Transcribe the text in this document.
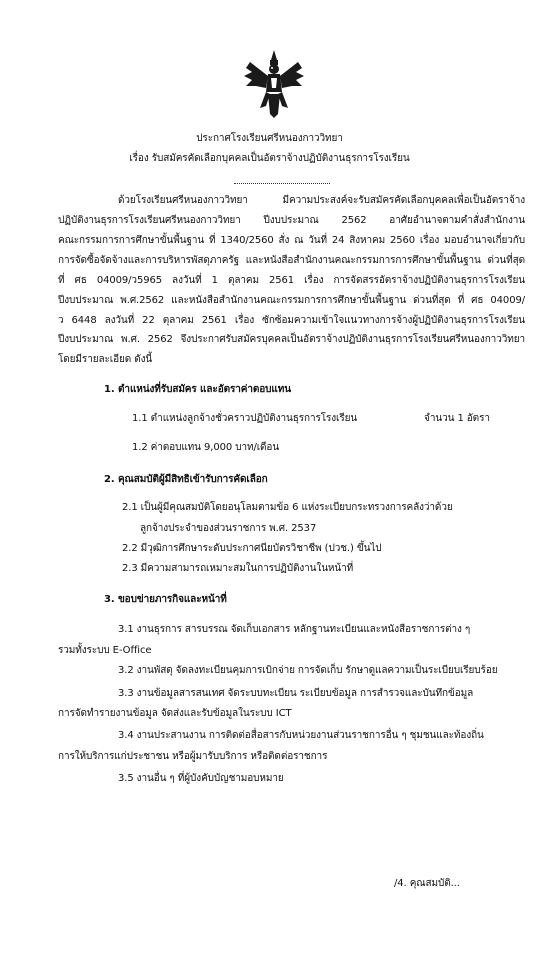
ประกาศโรงเรียนศรีหนองกาววิทยา
เรื่อง รับสมัครคัดเลือกบุคคลเป็นอัตราจ้างปฏิบัติงานธุรการโรงเรียน
ด้วยโรงเรียนศรีหนองกาววิทยา มีความประสงค์จะรับสมัครคัดเลือกบุคคลเพื่อเป็นอัตราจ้าง
ปฏิบัติงานธุรการโรงเรียนศรีหนองกาววิทยา ปีงบประมาณ 2562 อาศัยอำนาจตามคำสั่งสำนักงาน
คณะกรรมการการศึกษาขั้นพื้นฐาน ที่ 1340/2560 สั่ง ณ วันที่ 24 สิงหาคม 2560 เรื่อง มอบอำนาจเกี่ยวกับ
การจัดซื้อจัดจ้างและการบริหารพัสดุภาครัฐ และหนังสือสำนักงานคณะกรรมการการศึกษาขั้นพื้นฐาน ด่วนที่สุด
ที่ ศธ 04009/ว5965 ลงวันที่ 1 ตุลาคม 2561 เรื่อง การจัดสรรอัตราจ้างปฏิบัติงานธุรการโรงเรียน
ปีงบประมาณ พ.ศ.2562 และหนังสือสำนักงานคณะกรรมการการศึกษาขั้นพื้นฐาน ด่วนที่สุด ที่ ศธ 04009/
ว 6448 ลงวันที่ 22 ตุลาคม 2561 เรื่อง ซักซ้อมความเข้าใจแนวทางการจ้างผู้ปฏิบัติงานธุรการโรงเรียน
ปีงบประมาณ พ.ศ. 2562 จึงประกาศรับสมัครบุคคลเป็นอัตราจ้างปฏิบัติงานธุรการโรงเรียนศรีหนองกาววิทยา
โดยมีรายละเอียด ดังนี้
1. ตำแหน่งที่รับสมัคร และอัตราค่าตอบแทน
1.1 ตำแหน่งลูกจ้างชั่วคราวปฏิบัติงานธุรการโรงเรียน	จำนวน 1 อัตรา
1.2 ค่าตอบแทน 9,000 บาท/เดือน
2. คุณสมบัติผู้มีสิทธิเข้ารับการคัดเลือก
2.1 เป็นผู้มีคุณสมบัติโดยอนุโลมตามข้อ 6 แห่งระเบียบกระทรวงการคลังว่าด้วย
ลูกจ้างประจำของส่วนราชการ พ.ศ. 2537
2.2 มีวุฒิการศึกษาระดับประกาศนียบัตรวิชาชีพ (ปวช.) ขึ้นไป
2.3 มีความสามารถเหมาะสมในการปฏิบัติงานในหน้าที่
3. ขอบข่ายภารกิจและหน้าที่
3.1 งานธุรการ สารบรรณ จัดเก็บเอกสาร หลักฐานทะเบียนและหนังสือราชการต่าง ๆ
รวมทั้งระบบ E-Office
3.2 งานพัสดุ จัดลงทะเบียนคุมการเบิกจ่าย การจัดเก็บ รักษาดูแลความเป็นระเบียบเรียบร้อย
3.3 งานข้อมูลสารสนเทศ จัดระบบทะเบียน ระเบียบข้อมูล การสำรวจและบันทึกข้อมูล
การจัดทำรายงานข้อมูล จัดส่งและรับข้อมูลในระบบ ICT
3.4 งานประสานงาน การติดต่อสื่อสารกับหน่วยงานส่วนราชการอื่น ๆ ชุมชนและท้องถิ่น
การให้บริการแก่ประชาชน หรือผู้มารับบริการ หรือติดต่อราชการ
3.5 งานอื่น ๆ ที่ผู้บังคับบัญชามอบหมาย
/4. คุณสมบัติ...
